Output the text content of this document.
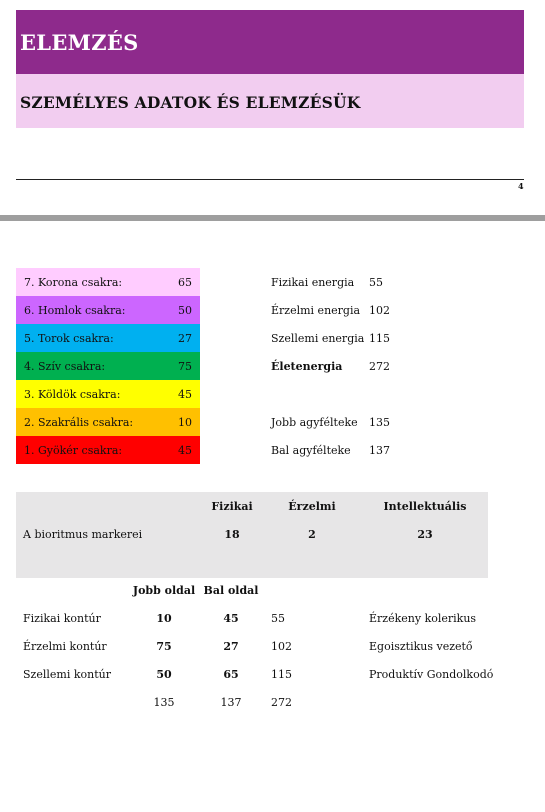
ELEMZÉS
SZEMÉLYES ADATOK ÉS ELEMZÉSÜK
4
7. Korona csakra:	65
6. Homlok csakra:	50
5. Torok csakra:	27
4. Szív csakra:	75
3. Köldök csakra:	45
2. Szakrális csakra:	10
1. Gyökér csakra:	45
Fizikai energia 55
Érzelmi energia 102
Szellemi energia 115
Életenergia 272
Jobb agyféltekе 135
Bal agyféltekе 137
Fizikai	Érzelmi	Intellektuális
A bioritmus markerei	18	2	23
Jobb oldal Bal oldal
Fizikai kontúr	10	45	55	Érzékeny kolerikus
Érzelmi kontúr	75	27	102	Egoisztikus vezető
Szellemi kontúr	50	65	115	Produktív Gondolkodó
135	137	272
